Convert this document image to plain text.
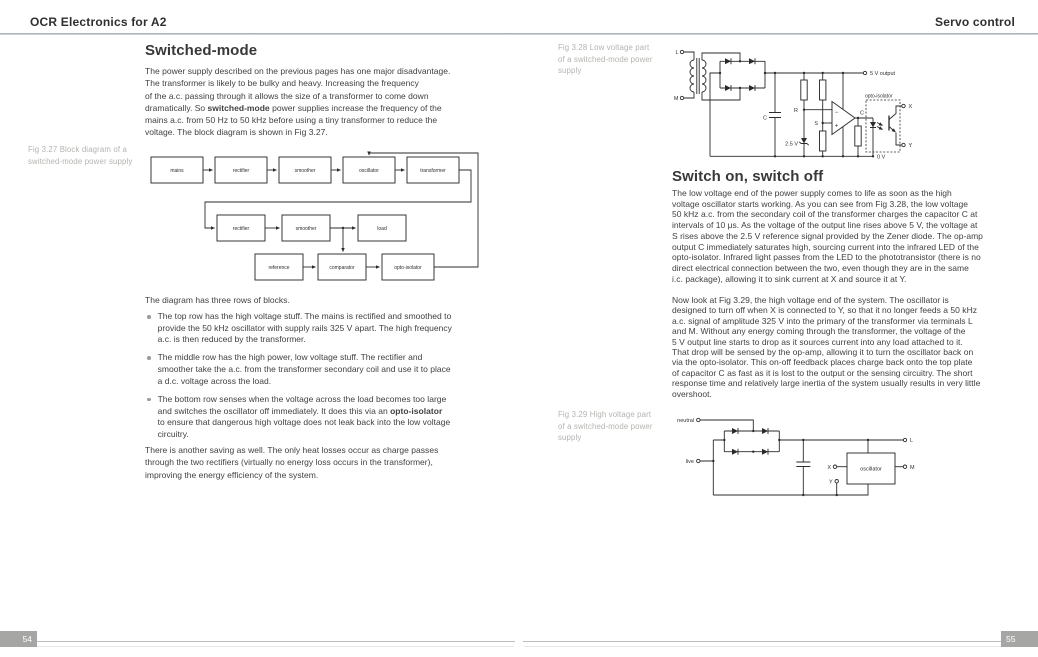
OCR Electronics for A2	Servo control
Switched-mode
The power supply described on the previous pages has one major disadvantage.
The transformer is likely to be bulky and heavy. Increasing the frequency
of the a.c. passing through it allows the size of a transformer to come down
dramatically. So switched-mode power supplies increase the frequency of the
mains a.c. from 50 Hz to 50 kHz before using a tiny transformer to reduce the
voltage. The block diagram is shown in Fig 3.27.
Fig 3.27 Block diagram of a
switched-mode power supply
mains	rectifier	smoother	oscillator	transformer
rectifier	smoother	load
reference	comparator	opto-isolator
The diagram has three rows of blocks.
The top row has the high voltage stuff. The mains is rectified and smoothed to
provide the 50 kHz oscillator with supply rails 325 V apart. The high frequency
a.c. is then reduced by the transformer.
The middle row has the high power, low voltage stuff. The rectifier and
smoother take the a.c. from the transformer secondary coil and use it to place
a d.c. voltage across the load.
The bottom row senses when the voltage across the load becomes too large
and switches the oscillator off immediately. It does this via an opto-isolator
to ensure that dangerous high voltage does not leak back into the low voltage
circuitry.
There is another saving as well. The only heat losses occur as charge passes
through the two rectifiers (virtually no energy loss occurs in the transformer),
improving the energy efficiency of the system.
Fig 3.28 Low voltage part
of a switched-mode power
supply
L
M
5 V output
0 V
C
R
2.5 V
S
−
+
C
opto-isolator
X
Y
Switch on, switch off
The low voltage end of the power supply comes to life as soon as the high
voltage oscillator starts working. As you can see from Fig 3.28, the low voltage
50 kHz a.c. from the secondary coil of the transformer charges the capacitor C at
intervals of 10 μs. As the voltage of the output line rises above 5 V, the voltage at
S rises above the 2.5 V reference signal provided by the Zener diode. The op-amp
output C immediately saturates high, sourcing current into the infrared LED of the
opto-isolator. Infrared light passes from the LED to the phototransistor (there is no
direct electrical connection between the two, even though they are in the same
i.c. package), allowing it to sink current at X and source it at Y.
Now look at Fig 3.29, the high voltage end of the system. The oscillator is
designed to turn off when X is connected to Y, so that it no longer feeds a 50 kHz
a.c. signal of amplitude 325 V into the primary of the transformer via terminals L
and M. Without any energy coming through the transformer, the voltage of the
5 V output line starts to drop as it sources current into any load attached to it.
That drop will be sensed by the op-amp, allowing it to turn the oscillator back on
via the opto-isolator. This on-off feedback places charge back onto the top plate
of capacitor C as fast as it is lost to the output or the sensing circuitry. The short
response time and relatively large inertia of the system usually results in very little
overshoot.
Fig 3.29 High voltage part
of a switched-mode power
supply
neutral
live
L
oscillator
X
Y
M
54	55
